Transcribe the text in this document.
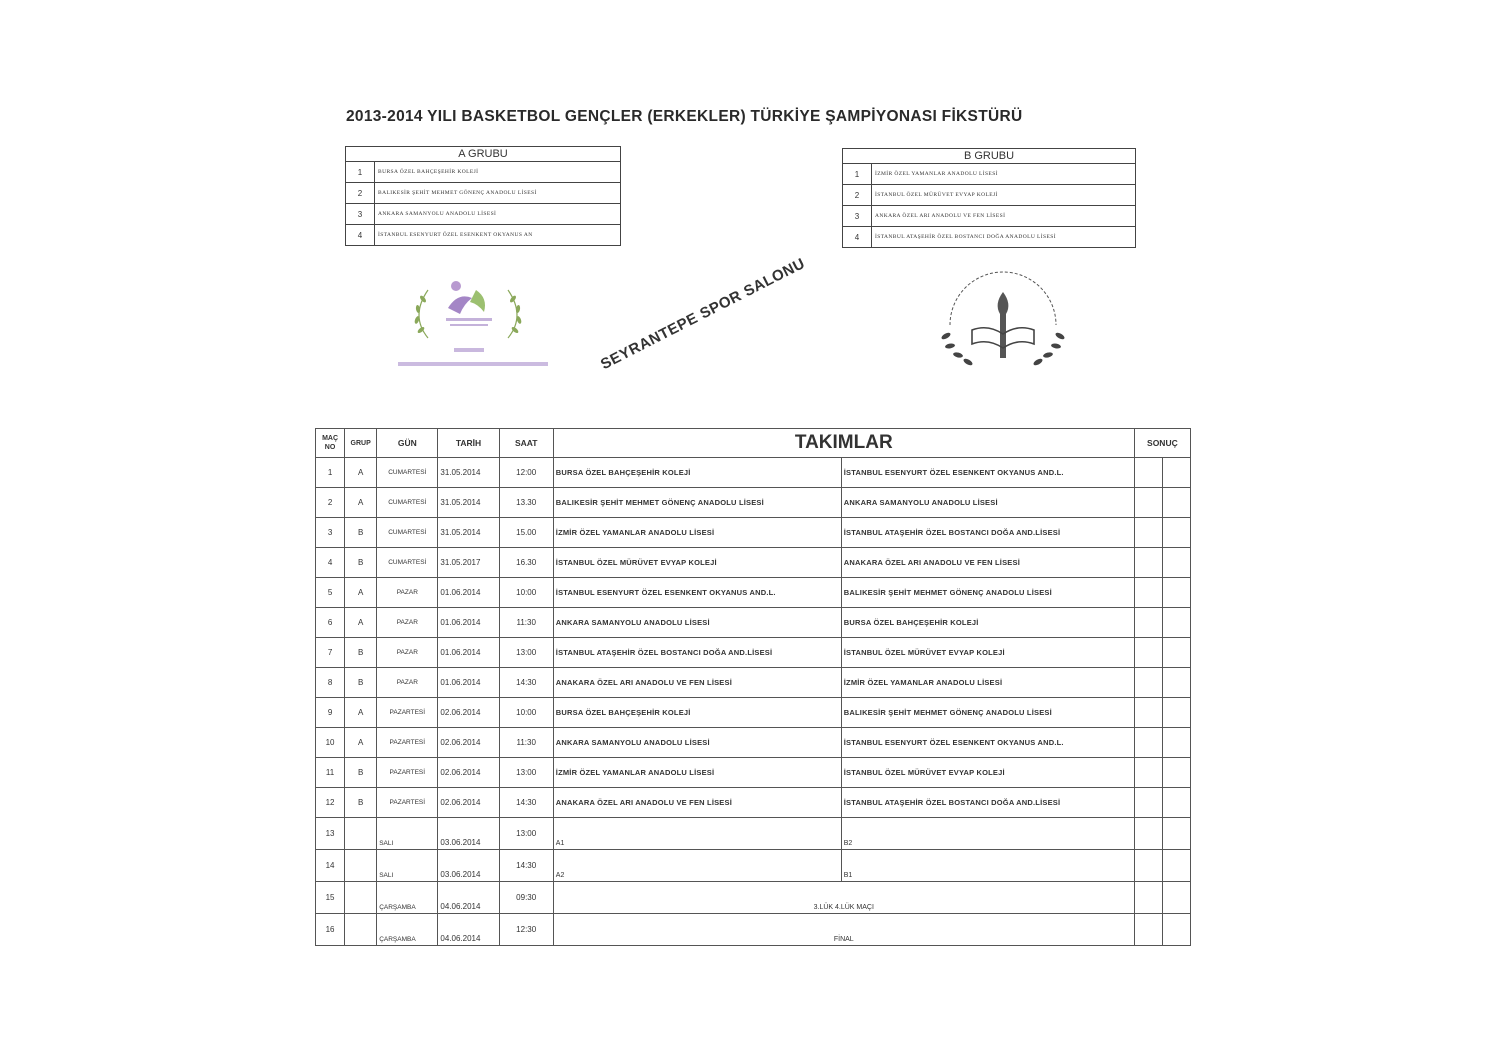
2013-2014 YILI BASKETBOL GENÇLER (ERKEKLER) TÜRKİYE ŞAMPİYONASI FİKSTÜRÜ
A GRUBU	
1	BURSA ÖZEL BAHÇEŞEHİR KOLEJİ
2	BALIKESİR ŞEHİT MEHMET GÖNENÇ ANADOLU LİSESİ
3	ANKARA SAMANYOLU ANADOLU LİSESİ
4	İSTANBUL ESENYURT ÖZEL ESENKENT OKYANUS AN
B GRUBU	
1	İZMİR ÖZEL YAMANLAR ANADOLU LİSESİ
2	İSTANBUL ÖZEL MÜRÜVET EVYAP KOLEJİ
3	ANKARA ÖZEL ARI ANADOLU VE FEN LİSESİ
4	İSTANBUL ATAŞEHİR ÖZEL BOSTANCI DOĞA ANADOLU LİSESİ
SEYRANTEPE SPOR SALONU
MAÇ
NO	GRUP	GÜN	TARİH	SAAT	TAKIMLAR		SONUÇ	
1	A	CUMARTESİ	31.05.2014	12:00	BURSA ÖZEL BAHÇEŞEHİR KOLEJİ	İSTANBUL ESENYURT ÖZEL ESENKENT OKYANUS AND.L.		
2	A	CUMARTESİ	31.05.2014	13.30	BALIKESİR ŞEHİT MEHMET GÖNENÇ ANADOLU LİSESİ	ANKARA SAMANYOLU ANADOLU LİSESİ		
3	B	CUMARTESİ	31.05.2014	15.00	İZMİR ÖZEL YAMANLAR ANADOLU LİSESİ	İSTANBUL ATAŞEHİR ÖZEL BOSTANCI DOĞA AND.LİSESİ		
4	B	CUMARTESİ	31.05.2017	16.30	İSTANBUL ÖZEL MÜRÜVET EVYAP KOLEJİ	ANAKARA ÖZEL ARI ANADOLU VE FEN LİSESİ		
5	A	PAZAR	01.06.2014	10:00	İSTANBUL ESENYURT ÖZEL ESENKENT OKYANUS AND.L.	BALIKESİR ŞEHİT MEHMET GÖNENÇ ANADOLU LİSESİ		
6	A	PAZAR	01.06.2014	11:30	ANKARA SAMANYOLU ANADOLU LİSESİ	BURSA ÖZEL BAHÇEŞEHİR KOLEJİ		
7	B	PAZAR	01.06.2014	13:00	İSTANBUL ATAŞEHİR ÖZEL BOSTANCI DOĞA AND.LİSESİ	İSTANBUL ÖZEL MÜRÜVET EVYAP KOLEJİ		
8	B	PAZAR	01.06.2014	14:30	ANAKARA ÖZEL ARI ANADOLU VE FEN LİSESİ	İZMİR ÖZEL YAMANLAR ANADOLU LİSESİ		
9	A	PAZARTESİ	02.06.2014	10:00	BURSA ÖZEL BAHÇEŞEHİR KOLEJİ	BALIKESİR ŞEHİT MEHMET GÖNENÇ ANADOLU LİSESİ		
10	A	PAZARTESİ	02.06.2014	11:30	ANKARA SAMANYOLU ANADOLU LİSESİ	İSTANBUL ESENYURT ÖZEL ESENKENT OKYANUS AND.L.		
11	B	PAZARTESİ	02.06.2014	13:00	İZMİR ÖZEL YAMANLAR ANADOLU LİSESİ	İSTANBUL ÖZEL MÜRÜVET EVYAP KOLEJİ		
12	B	PAZARTESİ	02.06.2014	14:30	ANAKARA ÖZEL ARI ANADOLU VE FEN LİSESİ	İSTANBUL ATAŞEHİR ÖZEL BOSTANCI DOĞA AND.LİSESİ		
13		SALI	03.06.2014	13:00	A1	B2		
14		SALI	03.06.2014	14:30	A2	B1		
15		ÇARŞAMBA	04.06.2014	09:30	3.LÜK 4.LÜK MAÇI			
16		ÇARŞAMBA	04.06.2014	12:30	FİNAL			
